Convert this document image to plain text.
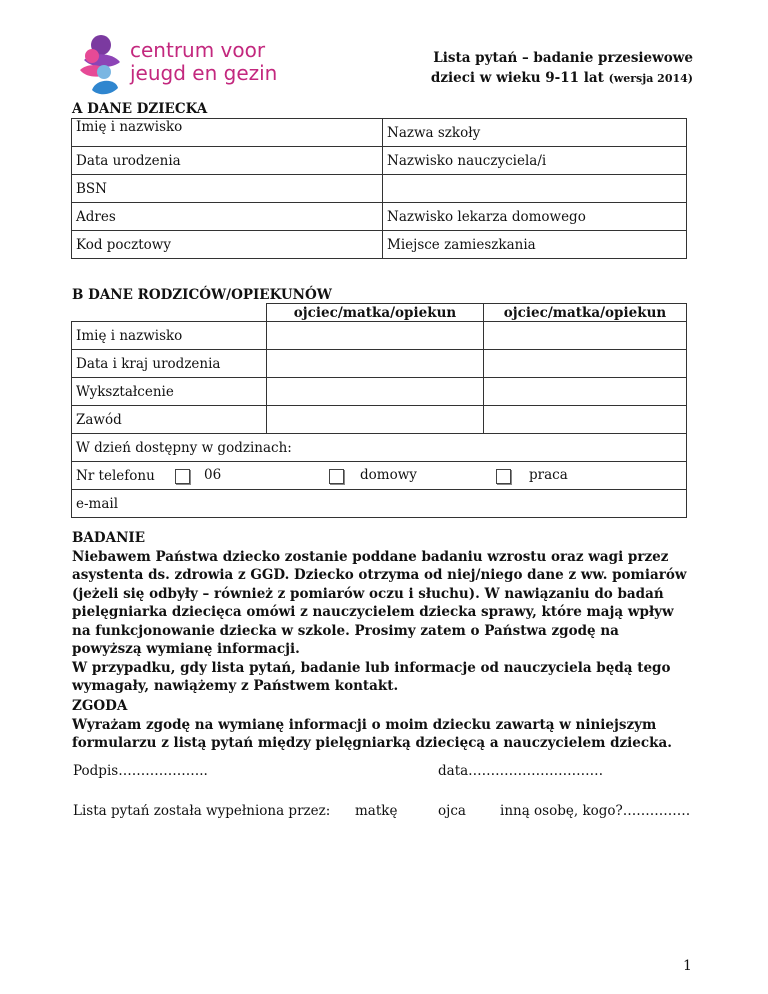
centrum voor
jeugd en gezin
Lista pytań – badanie przesiewowe
dzieci w wieku 9-11 lat (wersja 2014)
A DANE DZIECKA
Imię i nazwisko	Nazwa szkoły
Data urodzenia	Nazwisko nauczyciela/i
BSN	
Adres	Nazwisko lekarza domowego
Kod pocztowy	Miejsce zamieszkania
B DANE RODZICÓW/OPIEKUNÓW
	ojciec/matka/opiekun	ojciec/matka/opiekun
Imię i nazwisko		
Data i kraj urodzenia		
Wykształcenie		
Zawód		
W dzień dostępny w godzinach:		
Nr telefonu 06 domowy praca		

e-mail		
BADANIE
Niebawem Państwa dziecko zostanie poddane badaniu wzrostu oraz wagi przez asystenta ds. zdrowia z GGD. Dziecko otrzyma od niej/niego dane z ww. pomiarów (jeżeli się odbyły – również z pomiarów oczu i słuchu). W nawiązaniu do badań pielęgniarka dziecięca omówi z nauczycielem dziecka sprawy, które mają wpływ na funkcjonowanie dziecka w szkole. Prosimy zatem o Państwa zgodę na powyższą wymianę informacji.
W przypadku, gdy lista pytań, badanie lub informacje od nauczyciela będą tego wymagały, nawiążemy z Państwem kontakt.
ZGODA
Wyrażam zgodę na wymianę informacji o moim dziecku zawartą w niniejszym formularzu z listą pytań między pielęgniarką dziecięcą a nauczycielem dziecka.
Podpis………………..	data…………………………
Lista pytań została wypełniona przez: matkę	ojca	inną osobę, kogo?……………
1
